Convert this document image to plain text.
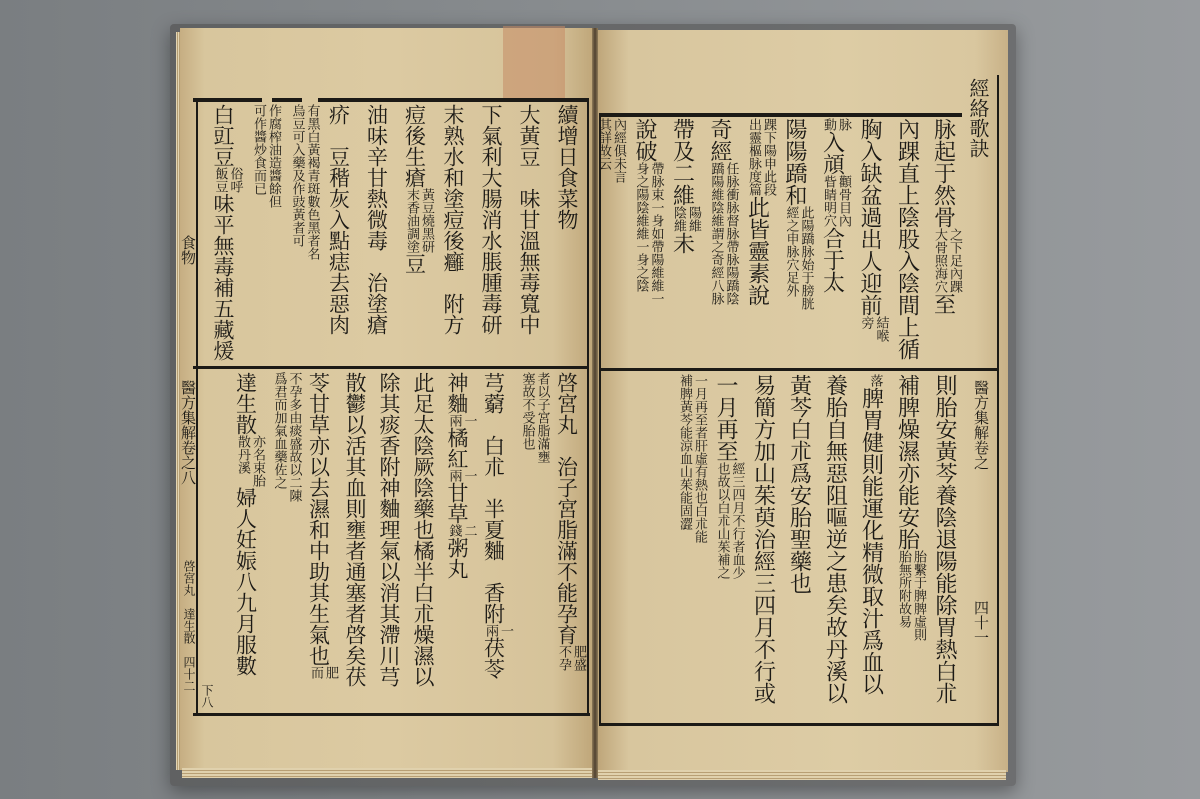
經絡歌訣
醫方集解卷之
四十一
食物
醫方集解卷之八
啓宮丸　達生散　四十二
下八
脉起于然骨之下足內踝大骨照海穴至
內踝直上陰股入陰間上循
胸入缺盆過出人迎前結喉旁
脉動入頏顴骨目內眥睛明穴合于太
陽陽蹻和此陽蹻脉始于膀胱經之申脉穴足外
踝下陽申此段出靈樞脉度篇此皆靈素說
奇經任脉衝脉督脉帶脉陽蹻陰蹻陽維陰維謂之奇經八脉
帶及二維陽維陰維未
說破帶脉束一身如帶陽維維一身之陽陰維維一身之陰
內經俱未言其詳故云
則胎安黃芩養陰退陽能除胃熱白朮
補脾燥濕亦能安胎胎繫于脾脾虛則胎無所附故易
落脾胃健則能運化精微取汁爲血以
養胎自無惡阻嘔逆之患矣故丹溪以
黃芩白朮爲安胎聖藥也
易簡方加山茱萸治經三四月不行或
一月再至經三四月不行者血少也故以白朮山茱補之
一月再至者肝虛有熱也白朮能補脾黃芩能涼血山茱能固澀
續增日食菜物
大黃豆　味甘溫無毒寬中
下氣利大腸消水脹腫毒研
末熟水和塗痘後癰　附方
痘後生瘡黃豆燒黑研末香油調塗豆
油味辛甘熱微毒　治塗瘡
疥　豆稭灰入點痣去惡肉
有黑白黃褐青斑數色黑者名烏豆可入藥及作豉黃者可
作腐榨油造醬餘但可作醬炒食而已
白豇豆俗呼飯豆味平無毒補五藏煖
啓宮丸　治子宮脂滿不能孕育肥盛不孕
者以子宮脂滿壅塞故不受胎也
芎藭　白朮　半夏麯　香附一兩茯苓
神麯一兩橘紅一兩甘草二錢粥丸
此足太陰厥陰藥也橘半白朮燥濕以
除其痰香附神麯理氣以消其滯川芎
散鬱以活其血則壅者通塞者啓矣茯
苓甘草亦以去濕和中助其生氣也肥而
不孕多由痰盛故以二陳爲君而加氣血藥佐之
達生散亦名束胎散丹溪婦人妊娠八九月服數
